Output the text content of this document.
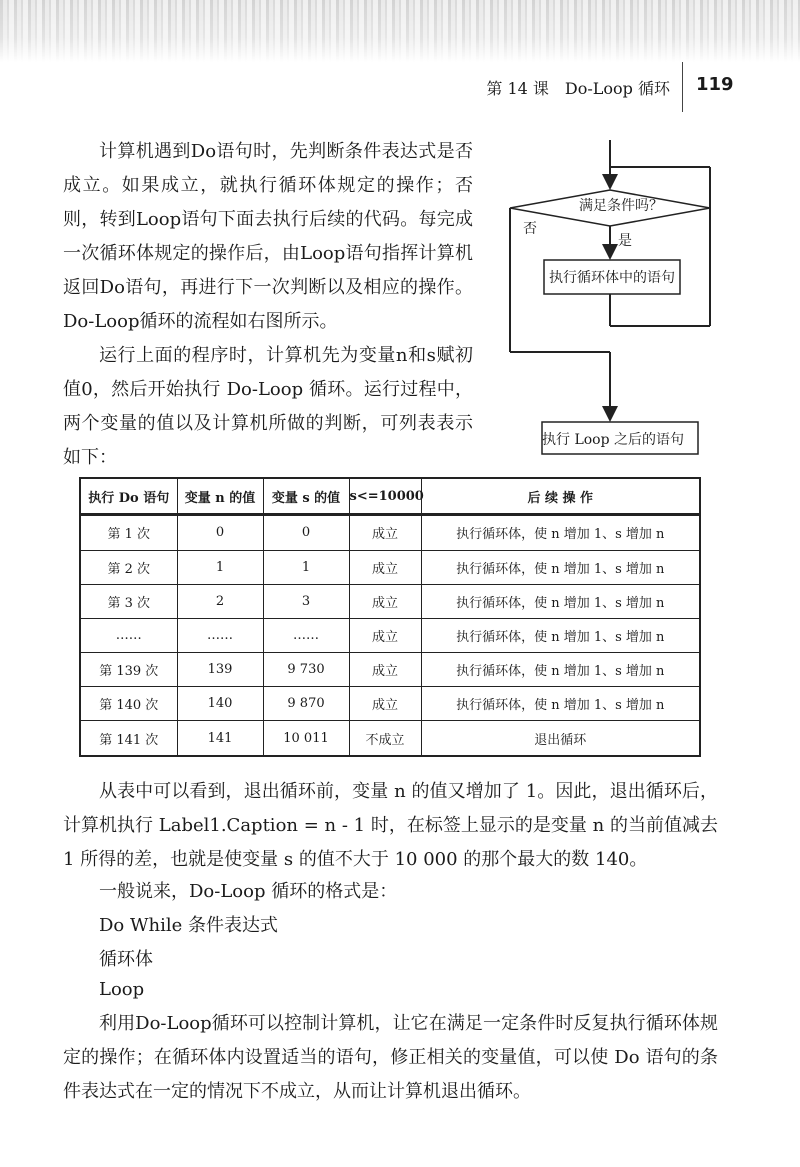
第 14 课　Do-Loop 循环 119

计算机遇到Do语句时，先判断条件表达式是否成立。如果成立，就执行循环体规定的操作；否则，转到Loop语句下面去执行后续的代码。每完成一次循环体规定的操作后，由Loop语句指挥计算机返回Do语句，再进行下一次判断以及相应的操作。Do-Loop循环的流程如右图所示。

运行上面的程序时，计算机先为变量n和s赋初值0，然后开始执行 Do-Loop 循环。运行过程中，两个变量的值以及计算机所做的判断，可列表表示如下：

满足条件吗？
否
是
执行循环体中的语句
执行 Loop 之后的语句
执行 Do 语句	变量 n 的值	变量 s 的值	s<=10000	后 续 操 作
第 1 次	0	0	成立	执行循环体，使 n 增加 1、s 增加 n
第 2 次	1	1	成立	执行循环体，使 n 增加 1、s 增加 n
第 3 次	2	3	成立	执行循环体，使 n 增加 1、s 增加 n
……	……	……	成立	执行循环体，使 n 增加 1、s 增加 n
第 139 次	139	9 730	成立	执行循环体，使 n 增加 1、s 增加 n
第 140 次	140	9 870	成立	执行循环体，使 n 增加 1、s 增加 n
第 141 次	141	10 011	不成立	退出循环

从表中可以看到，退出循环前，变量 n 的值又增加了 1。因此，退出循环后，计算机执行 Label1.Caption = n - 1 时，在标签上显示的是变量 n 的当前值减去 1 所得的差，也就是使变量 s 的值不大于 10 000 的那个最大的数 140。

一般说来，Do-Loop 循环的格式是：

Do While 条件表达式

循环体

Loop

利用Do-Loop循环可以控制计算机，让它在满足一定条件时反复执行循环体规定的操作；在循环体内设置适当的语句，修正相关的变量值，可以使 Do 语句的条件表达式在一定的情况下不成立，从而让计算机退出循环。
